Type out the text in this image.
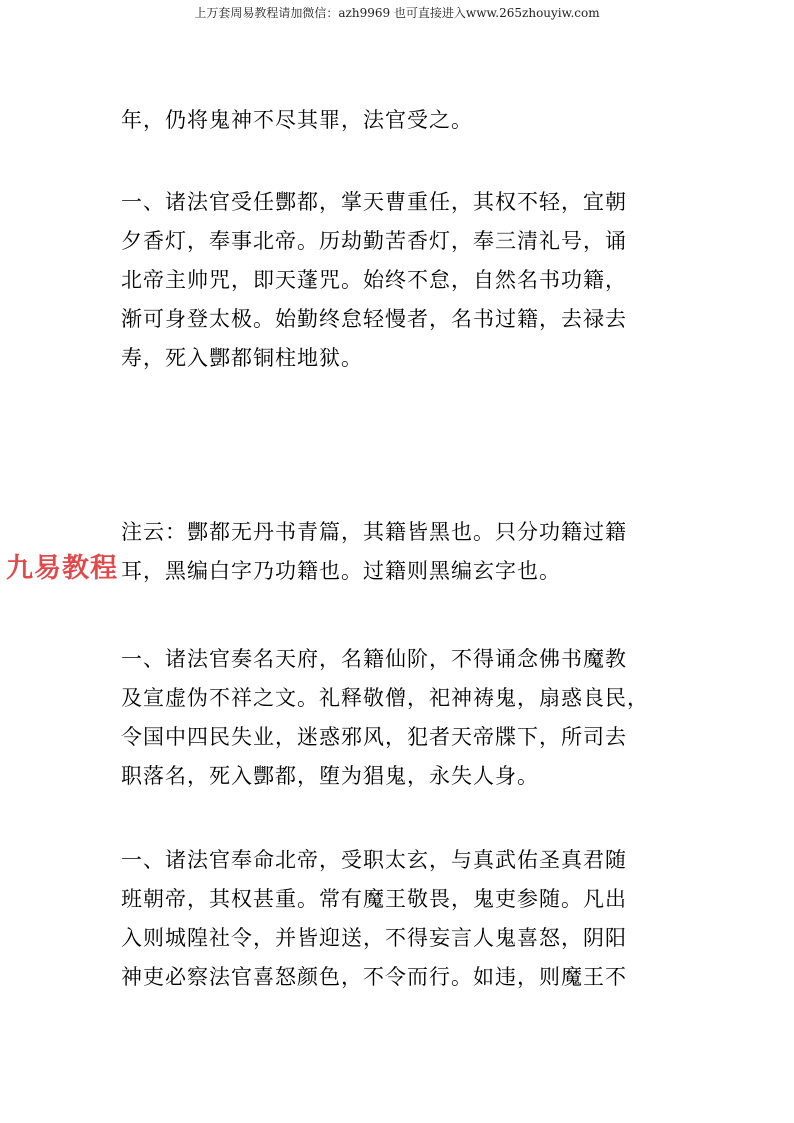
上万套周易教程请加微信：azh9969 也可直接进入www.265zhouyiw.com

年，仍将鬼神不尽其罪，法官受之。

一、诸法官受任酆都，掌天曹重任，其权不轻，宜朝
夕香灯，奉事北帝。历劫勤苦香灯，奉三清礼号，诵
北帝主帅咒，即天蓬咒。始终不怠，自然名书功籍，
渐可身登太极。始勤终怠轻慢者，名书过籍，去禄去
寿，死入酆都铜柱地狱。

注云：酆都无丹书青篇，其籍皆黑也。只分功籍过籍
耳，黑编白字乃功籍也。过籍则黑编玄字也。

一、诸法官奏名天府，名籍仙阶，不得诵念佛书魔教
及宣虚伪不祥之文。礼释敬僧，祀神祷鬼，扇惑良民，
令国中四民失业，迷惑邪风，犯者天帝牒下，所司去
职落名，死入酆都，堕为猖鬼，永失人身。

一、诸法官奉命北帝，受职太玄，与真武佑圣真君随
班朝帝，其权甚重。常有魔王敬畏，鬼吏参随。凡出
入则城隍社令，并皆迎送，不得妄言人鬼喜怒，阴阳
神吏必察法官喜怒颜色，不令而行。如违，则魔王不

九易教程
